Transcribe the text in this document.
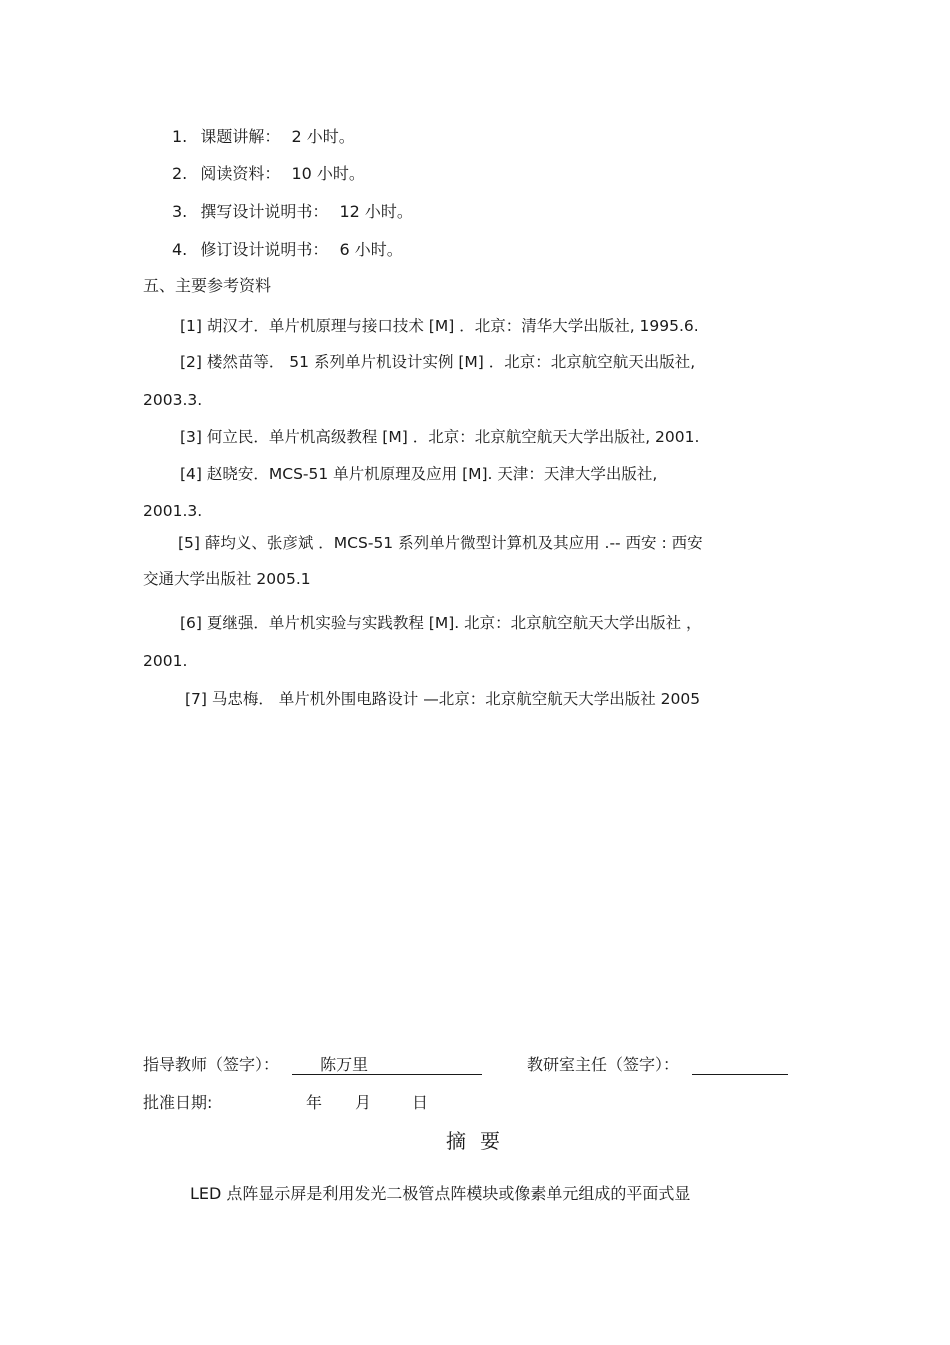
1. 课题讲解： 2 小时。
2. 阅读资料： 10 小时。
3. 撰写设计说明书： 12 小时。
4. 修订设计说明书： 6 小时。
五、主要参考资料
[1] 胡汉才．单片机原理与接口技术 [M] ．北京：清华大学出版社, 1995.6.
[2] 楼然苗等． 51 系列单片机设计实例 [M] ．北京：北京航空航天出版社,
2003.3.
[3] 何立民．单片机高级教程 [M] ．北京：北京航空航天大学出版社, 2001.
[4] 赵晓安．MCS-51 单片机原理及应用 [M]. 天津：天津大学出版社,
2001.3.
[5] 薛均义、张彦斌 ．MCS-51 系列单片微型计算机及其应用 .-- 西安 : 西安
交通大学出版社 2005.1
[6] 夏继强．单片机实验与实践教程 [M]. 北京：北京航空航天大学出版社 ，
2001.
[7] 马忠梅． 单片机外围电路设计 —北京：北京航空航天大学出版社 2005
指导教师（签字）：	陈万里	教研室主任（签字）：
批准日期:	年 月	日
摘要
LED 点阵显示屏是利用发光二极管点阵模块或像素单元组成的平面式显
